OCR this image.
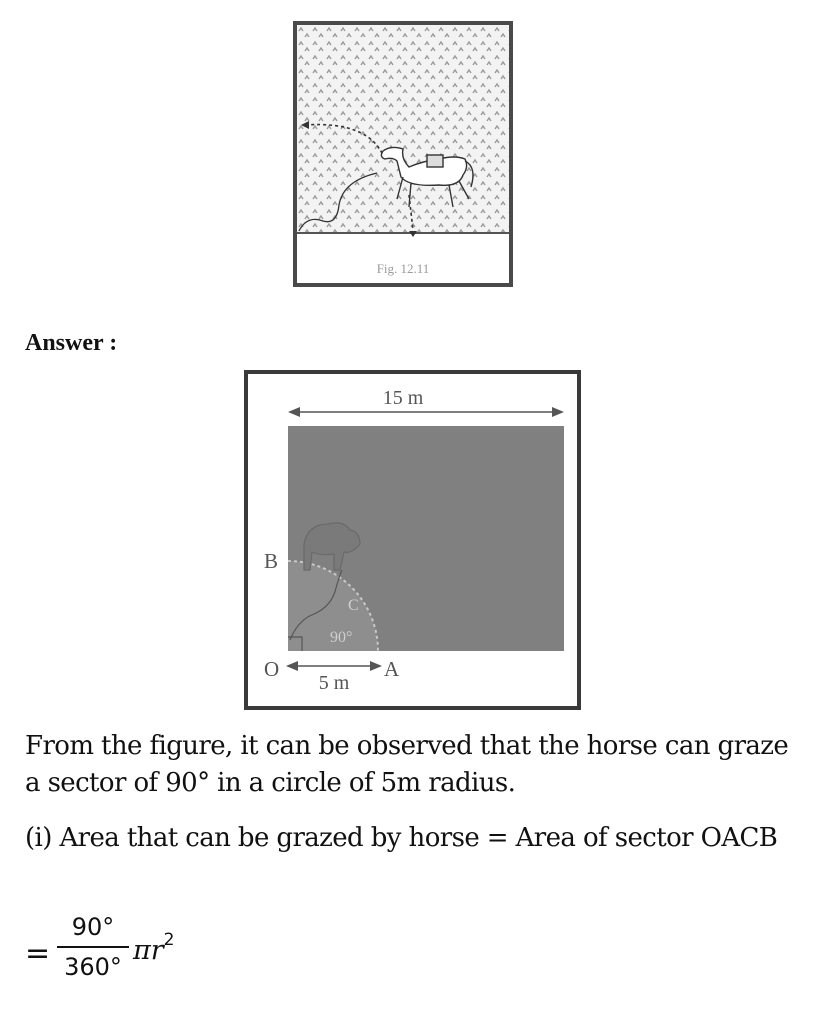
Fig. 12.11
Answer :
15 m
90°
C
B
O	A
5 m
From the figure, it can be observed that the horse can graze a sector of 90° in a circle of 5m radius.
(i) Area that can be grazed by horse = Area of sector OACB
=
90°
360°
$\pi r^2$
